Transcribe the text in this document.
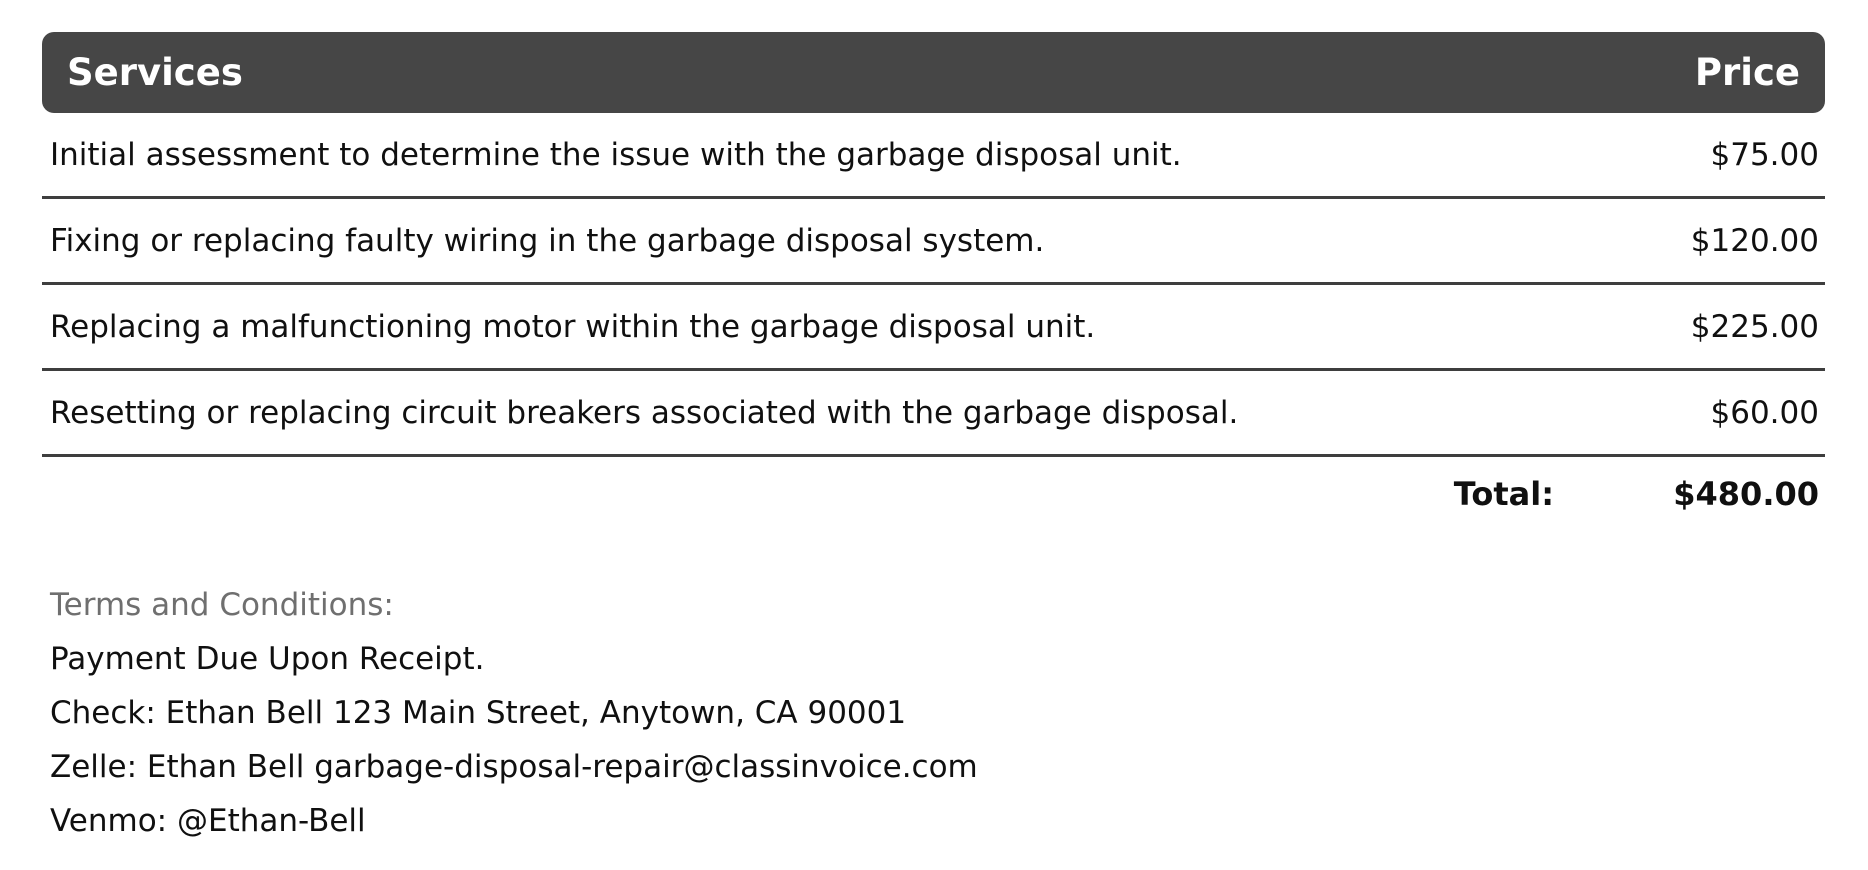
Services	Price
Initial assessment to determine the issue with the garbage disposal unit.	$75.00
Fixing or replacing faulty wiring in the garbage disposal system.	$120.00
Replacing a malfunctioning motor within the garbage disposal unit.	$225.00
Resetting or replacing circuit breakers associated with the garbage disposal.	$60.00
Total:	$480.00
Terms and Conditions:
Payment Due Upon Receipt.
Check: Ethan Bell 123 Main Street, Anytown, CA 90001
Zelle: Ethan Bell garbage-disposal-repair@classinvoice.com
Venmo: @Ethan-Bell
